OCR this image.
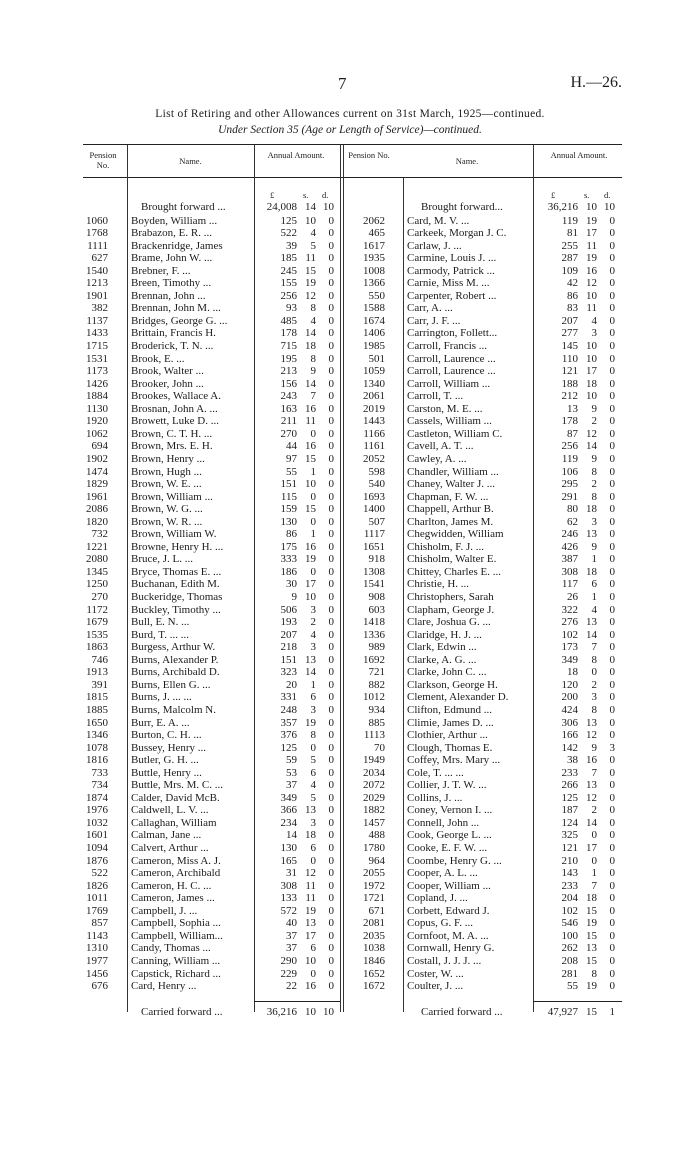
7	H.—26.
List of Retiring and other Allowances current on 31st March, 1925—continued.
Under Section 35 (Age or Length of Service)—continued.
Pension No.	Name.
Annual Amount.	Pension No.
Name.
Annual Amount.
£	s. d.	£	s. d.
Brought forward ...	24,008 14 10	Brought forward...	36,216 10 10
1060 Boyden, William ...	125 10	0
1768 Brabazon, E. R. ...	522	4	0
1111 Brackenridge, James	39	5	0
627 Brame, John W. ...	185 11	0
1540 Brebner, F. ...	245 15	0
1213 Breen, Timothy ...	155 19	0
1901 Brennan, John ...	256 12	0
382 Brennan, John M. ...	93	8	0
1137 Bridges, George G. ...	485	4	0
1433 Brittain, Francis H.	178 14	0
1715 Broderick, T. N. ...	715 18	0
1531 Brook, E. ...	195	8	0
1173 Brook, Walter ...	213	9	0
1426 Brooker, John ...	156 14	0
1884 Brookes, Wallace A.	243	7	0
1130 Brosnan, John A. ...	163 16	0
1920 Browett, Luke D. ...	211 11	0
1062 Brown, C. T. H. ...	270	0	0
694 Brown, Mrs. E. H.	44 16	0
1902 Brown, Henry ...	97 15	0
1474 Brown, Hugh ...	55	1	0
1829 Brown, W. E. ...	151 10	0
1961 Brown, William ...	115	0	0
2086 Brown, W. G. ...	159 15	0
1820 Brown, W. R. ...	130	0	0
732 Brown, William W.	86	1	0
1221 Browne, Henry H. ...	175 16	0
2080 Bruce, J. L. ...	333 19	0
1345 Bryce, Thomas E. ...	186	0	0
1250 Buchanan, Edith M.	30 17	0
270 Buckeridge, Thomas	9 10	0
1172 Buckley, Timothy ...	506	3	0
1679 Bull, E. N. ...	193	2	0
1535 Burd, T. ... ...	207	4	0
1863 Burgess, Arthur W.	218	3	0
746 Burns, Alexander P.	151 13	0
1913 Burns, Archibald D.	323 14	0
391 Burns, Ellen G. ...	20	1	0
1815 Burns, J. ... ...	331	6	0
1885 Burns, Malcolm N.	248	3	0
1650 Burr, E. A. ...	357 19	0
1346 Burton, C. H. ...	376	8	0
1078 Bussey, Henry ...	125	0	0
1816 Butler, G. H. ...	59	5	0
733 Buttle, Henry ...	53	6	0
734 Buttle, Mrs. M. C. ...	37	4	0
1874 Calder, David McB.	349	5	0
1976 Caldwell, L. V. ...	366 13	0
1032 Callaghan, William	234	3	0
1601 Calman, Jane ...	14 18	0
1094 Calvert, Arthur ...	130	6	0
1876 Cameron, Miss A. J.	165	0	0
522 Cameron, Archibald	31 12	0
1826 Cameron, H. C. ...	308 11	0
1011 Cameron, James ...	133 11	0
1769 Campbell, J. ...	572 19	0
857 Campbell, Sophia ...	40 13	0
1143 Campbell, William...	37 17	0
1310 Candy, Thomas ...	37	6	0
1977 Canning, William ...	290 10	0
1456 Capstick, Richard ...	229	0	0
676 Card, Henry ...	22 16	0
2062 Card, M. V. ...	119 19	0
465 Carkeek, Morgan J. C.	81 17	0
1617 Carlaw, J. ...	255 11	0
1935 Carmine, Louis J. ...	287 19	0
1008 Carmody, Patrick ...	109 16	0
1366 Carnie, Miss M. ...	42 12	0
550 Carpenter, Robert ...	86 10	0
1588 Carr, A. ...	83 11	0
1674 Carr, J. F. ...	207	4	0
1406 Carrington, Follett...	277	3	0
1985 Carroll, Francis ...	145 10	0
501 Carroll, Laurence ...	110 10	0
1059 Carroll, Laurence ...	121 17	0
1340 Carroll, William ...	188 18	0
2061 Carroll, T. ...	212 10	0
2019 Carston, M. E. ...	13	9	0
1443 Cassels, William ...	178	2	0
1166 Castleton, William C.	87 12	0
1161 Cavell, A. T. ...	256 14	0
2052 Cawley, A. ...	119	9	0
598 Chandler, William ...	106	8	0
540 Chaney, Walter J. ...	295	2	0
1693 Chapman, F. W. ...	291	8	0
1400 Chappell, Arthur B.	80 18	0
507 Charlton, James M.	62	3	0
1117 Chegwidden, William	246 13	0
1651 Chisholm, F. J. ...	426	9	0
918 Chisholm, Walter E.	387	1	0
1308 Chittey, Charles E. ...	308 18	0
1541 Christie, H. ...	117	6	0
908 Christophers, Sarah	26	1	0
603 Clapham, George J.	322	4	0
1418 Clare, Joshua G. ...	276 13	0
1336 Claridge, H. J. ...	102 14	0
989 Clark, Edwin ...	173	7	0
1692 Clarke, A. G. ...	349	8	0
721 Clarke, John C. ...	18	0	0
882 Clarkson, George H.	120	2	0
1012 Clement, Alexander D.	200	3	0
934 Clifton, Edmund ...	424	8	0
885 Climie, James D. ...	306 13	0
1113 Clothier, Arthur ...	166 12	0
70 Clough, Thomas E.	142	9	3
1949 Coffey, Mrs. Mary ...	38 16	0
2034 Cole, T. ... ...	233	7	0
2072 Collier, J. T. W. ...	266 13	0
2029 Collins, J. ...	125 12	0
1882 Coney, Vernon I. ...	187	2	0
1457 Connell, John ...	124 14	0
488 Cook, George L. ...	325	0	0
1780 Cooke, E. F. W. ...	121 17	0
964 Coombe, Henry G. ...	210	0	0
2055 Cooper, A. L. ...	143	1	0
1972 Cooper, William ...	233	7	0
1721 Copland, J. ...	204 18	0
671 Corbett, Edward J.	102 15	0
2081 Copus, G. F. ...	546 19	0
2035 Cornfoot, M. A. ...	100 15	0
1038 Cornwall, Henry G.	262 13	0
1846 Costall, J. J. J. ...	208 15	0
1652 Coster, W. ...	281	8	0
1672 Coulter, J. ...	55 19	0
Carried forward ...	36,216 10 10	Carried forward ...	47,927 15	1
